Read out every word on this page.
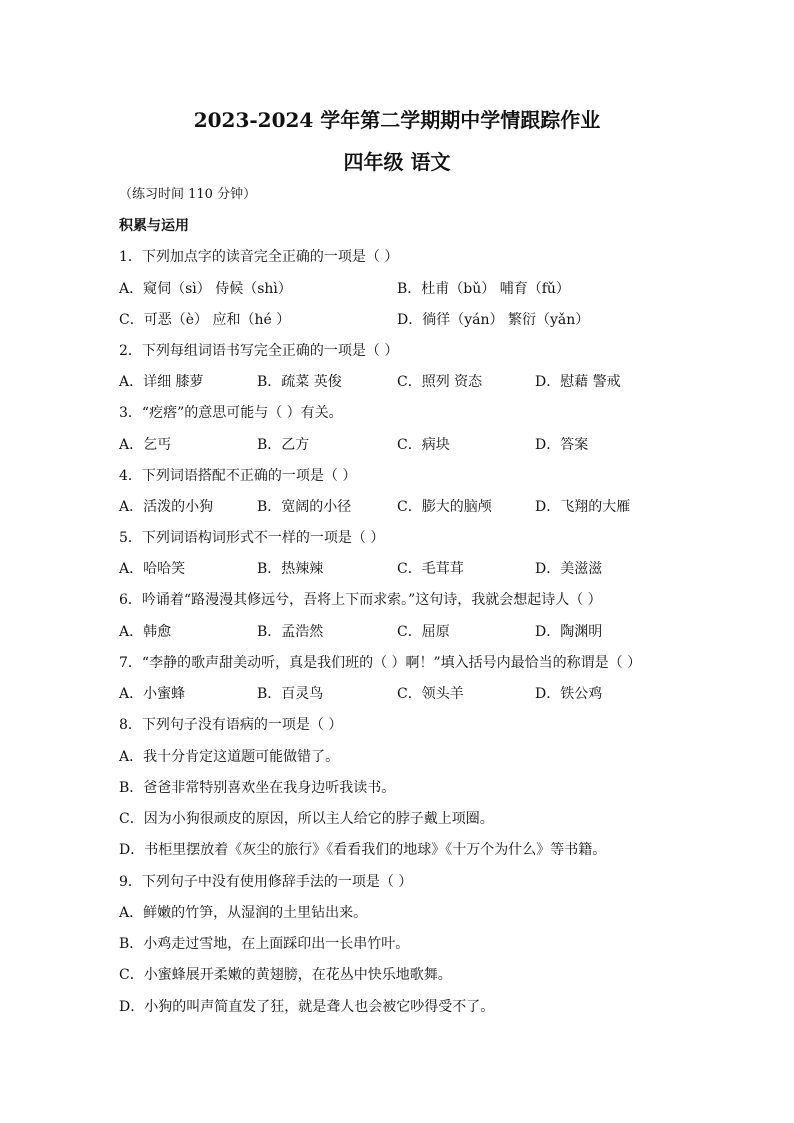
2023-2024 学年第二学期期中学情跟踪作业
四年级 语文
（练习时间 110 分钟）
积累与运用
1．下列加点字的读音完全正确的一项是（ ）
A．窥伺（sì） 侍候（shì）	B．杜甫（bǔ） 哺育（fǔ）
C．可恶（è） 应和（hé ）	D．徜徉（yán） 繁衍（yǎn）
2．下列每组词语书写完全正确的一项是（ ）
A．详细 膝萝	B．疏菜 英俊	C．照列 资态	D．慰藉 警戒
3．“疙瘩”的意思可能与（ ）有关。
A．乞丐	B．乙方	C．病块	D．答案
4．下列词语搭配不正确的一项是（ ）
A．活泼的小狗	B．宽阔的小径	C．膨大的脑颅	D．飞翔的大雁
5．下列词语构词形式不一样的一项是（ ）
A．哈哈笑	B．热辣辣	C．毛茸茸	D．美滋滋
6．吟诵着“路漫漫其修远兮，吾将上下而求索。”这句诗，我就会想起诗人（ ）
A．韩愈	B．孟浩然	C．屈原	D．陶渊明
7．“李静的歌声甜美动听，真是我们班的（ ）啊！”填入括号内最恰当的称谓是（ ）
A．小蜜蜂	B．百灵鸟	C．领头羊	D．铁公鸡
8．下列句子没有语病的一项是（ ）
A．我十分肯定这道题可能做错了。
B．爸爸非常特别喜欢坐在我身边听我读书。
C．因为小狗很顽皮的原因，所以主人给它的脖子戴上项圈。
D．书柜里摆放着《灰尘的旅行》《看看我们的地球》《十万个为什么》等书籍。
9．下列句子中没有使用修辞手法的一项是（ ）
A．鲜嫩的竹笋，从湿润的土里钻出来。
B．小鸡走过雪地，在上面踩印出一长串竹叶。
C．小蜜蜂展开柔嫩的黄翅膀，在花丛中快乐地歌舞。
D．小狗的叫声简直发了狂，就是聋人也会被它吵得受不了。
